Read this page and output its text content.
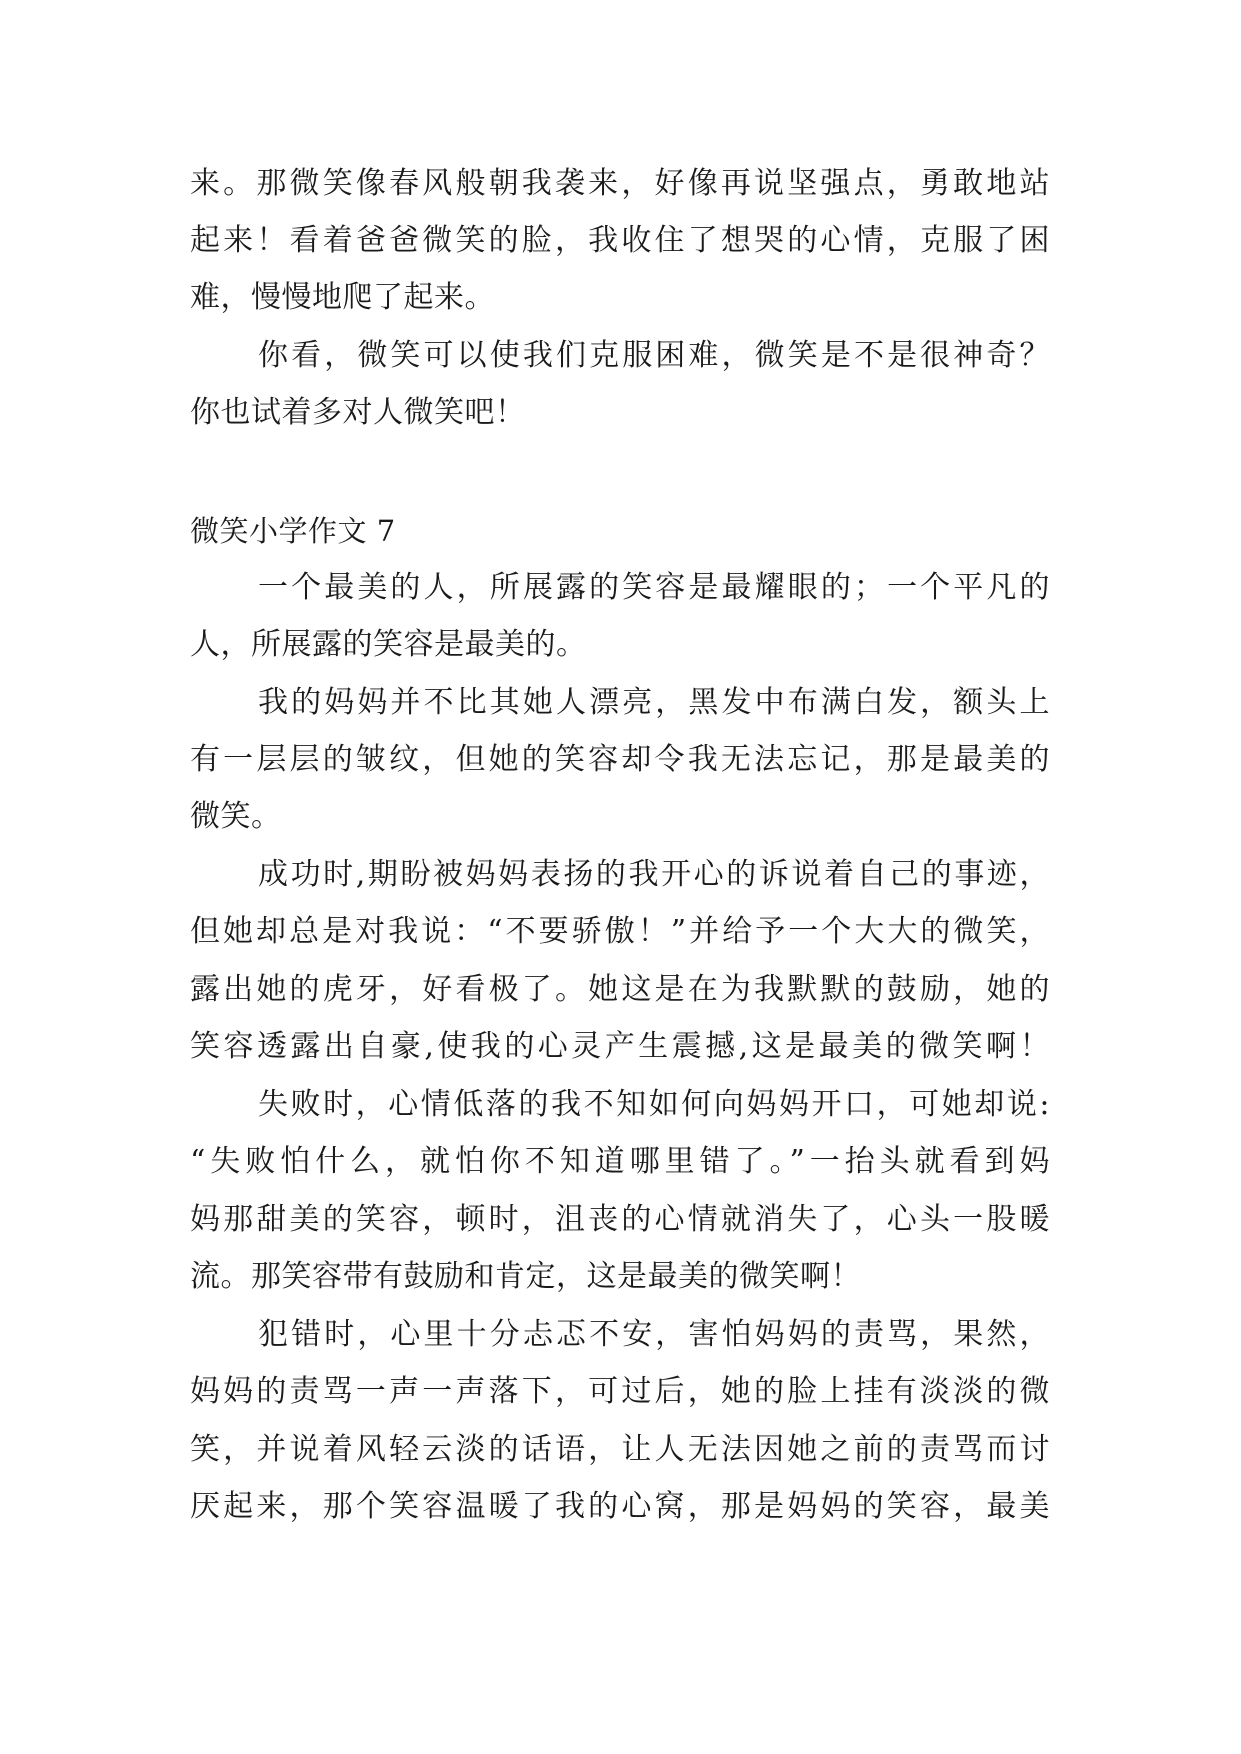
来。那微笑像春风般朝我袭来，好像再说坚强点，勇敢地站
起来！看着爸爸微笑的脸，我收住了想哭的心情，克服了困
难，慢慢地爬了起来。
你看，微笑可以使我们克服困难，微笑是不是很神奇？
你也试着多对人微笑吧！
微笑小学作文 7
一个最美的人，所展露的笑容是最耀眼的；一个平凡的
人，所展露的笑容是最美的。
我的妈妈并不比其她人漂亮，黑发中布满白发，额头上
有一层层的皱纹，但她的笑容却令我无法忘记，那是最美的
微笑。
成功时,期盼被妈妈表扬的我开心的诉说着自己的事迹，
但她却总是对我说：“不要骄傲！”并给予一个大大的微笑，
露出她的虎牙，好看极了。她这是在为我默默的鼓励，她的
笑容透露出自豪,使我的心灵产生震撼,这是最美的微笑啊！
失败时，心情低落的我不知如何向妈妈开口，可她却说:
“失败怕什么，就怕你不知道哪里错了。”一抬头就看到妈
妈那甜美的笑容，顿时，沮丧的心情就消失了，心头一股暖
流。那笑容带有鼓励和肯定，这是最美的微笑啊！
犯错时，心里十分忐忑不安，害怕妈妈的责骂，果然，
妈妈的责骂一声一声落下，可过后，她的脸上挂有淡淡的微
笑，并说着风轻云淡的话语，让人无法因她之前的责骂而讨
厌起来，那个笑容温暖了我的心窝，那是妈妈的笑容，最美
